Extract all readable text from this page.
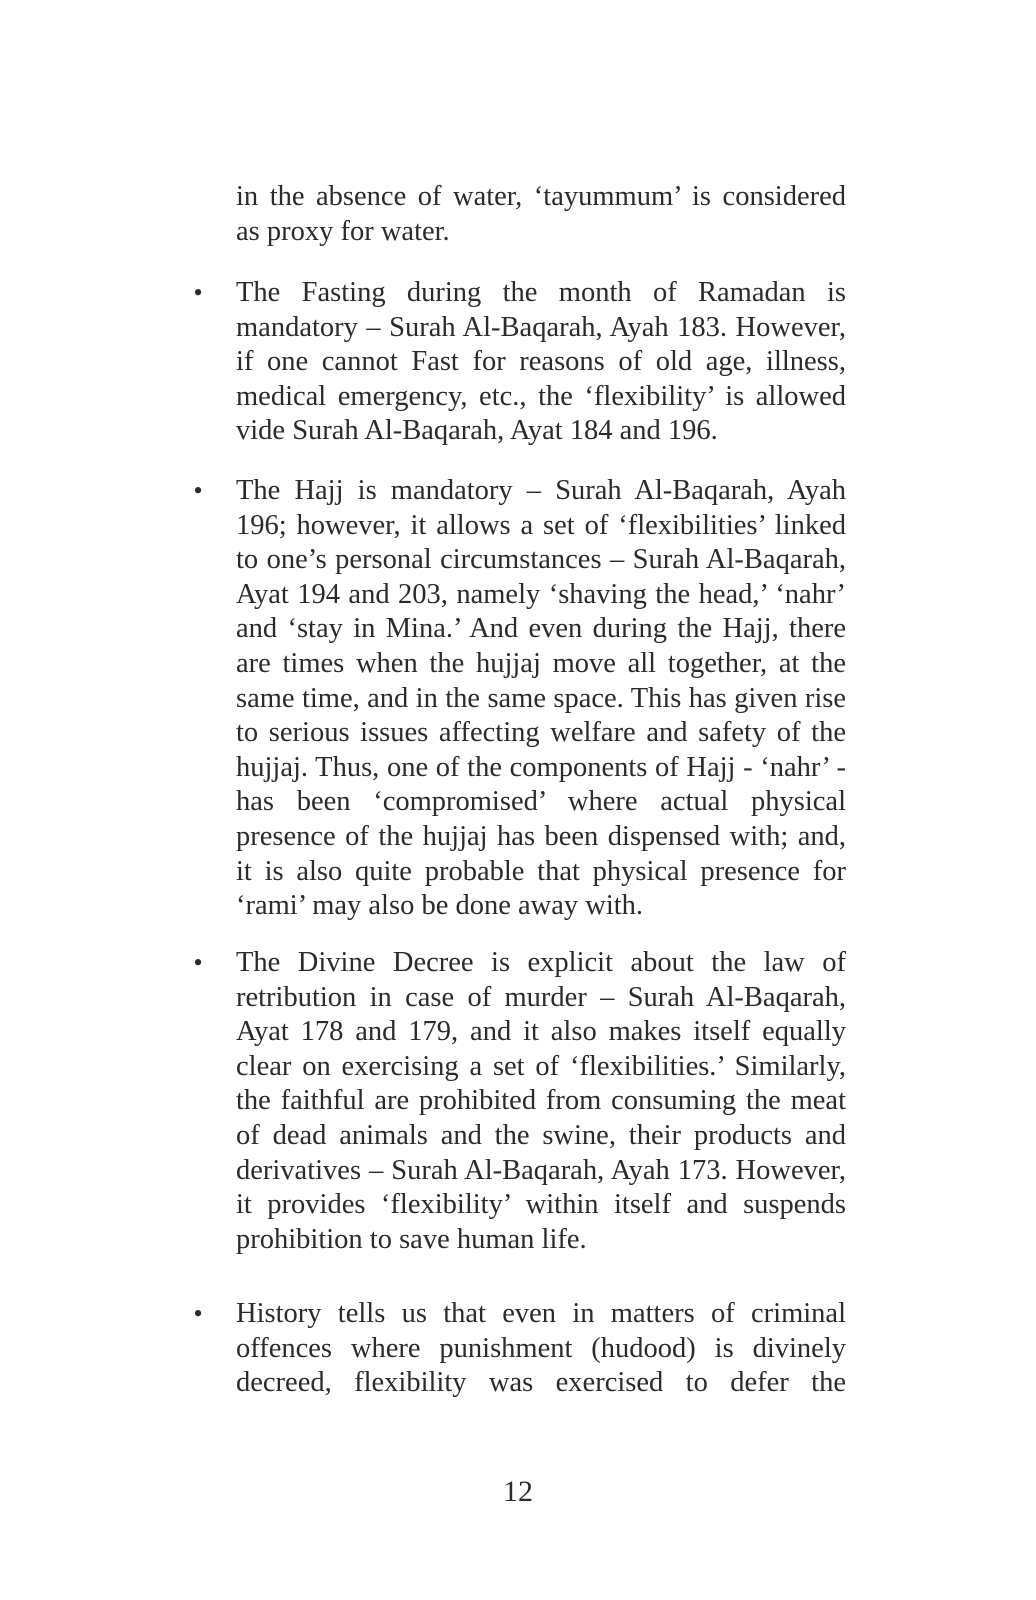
in the absence of water, ‘tayummum’ is considered as proxy for water.

• The Fasting during the month of Ramadan is mandatory – Surah Al-Baqarah, Ayah 183. However, if one cannot Fast for reasons of old age, illness, medical emergency, etc., the ‘flexibility’ is allowed vide Surah Al-Baqarah, Ayat 184 and 196.
• The Hajj is mandatory – Surah Al-Baqarah, Ayah 196; however, it allows a set of ‘flexibilities’ linked to one’s personal circumstances – Surah Al-Baqarah, Ayat 194 and 203, namely ‘shaving the head,’ ‘nahr’ and ‘stay in Mina.’ And even during the Hajj, there are times when the hujjaj move all together, at the same time, and in the same space. This has given rise to serious issues affecting welfare and safety of the hujjaj. Thus, one of the components of Hajj - ‘nahr’ - has been ‘compromised’ where actual physical presence of the hujjaj has been dispensed with; and, it is also quite probable that physical presence for ‘rami’ may also be done away with.
• The Divine Decree is explicit about the law of retribution in case of murder – Surah Al-Baqarah, Ayat 178 and 179, and it also makes itself equally clear on exercising a set of ‘flexibilities.’ Similarly, the faithful are prohibited from consuming the meat of dead animals and the swine, their products and derivatives – Surah Al-Baqarah, Ayah 173. However, it provides ‘flexibility’ within itself and suspends prohibition to save human life.
• History tells us that even in matters of criminal offences where punishment (hudood) is divinely decreed, flexibility was exercised to defer the
12
